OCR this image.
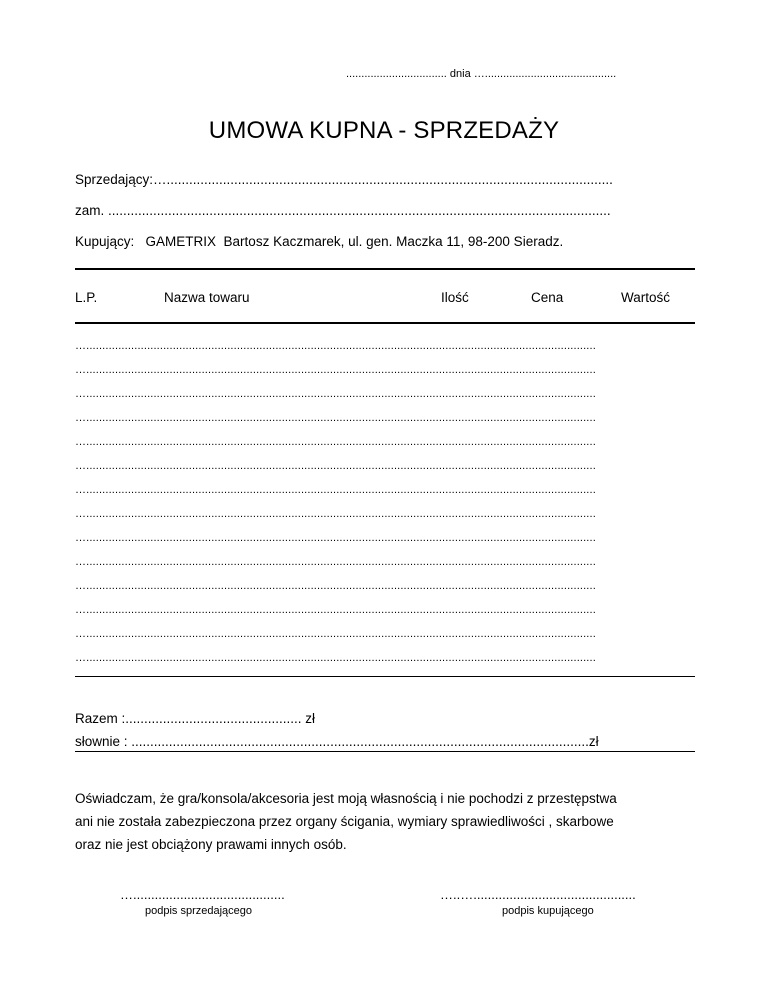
................................. dnia …...........................................
UMOWA KUPNA - SPRZEDAŻY
Sprzedający:….......................................................................................................................
zam. ......................................................................................................................................
Kupujący:   GAMETRIX  Bartosz Kaczmarek, ul. gen. Maczka 11, 98-200 Sieradz.
L.P.	Nazwa towaru	Ilość	Cena	Wartość
…...............................................................................................................................................................
…...............................................................................................................................................................
…...............................................................................................................................................................
…...............................................................................................................................................................
…...............................................................................................................................................................
…...............................................................................................................................................................
…...............................................................................................................................................................
…...............................................................................................................................................................
…...............................................................................................................................................................
…...............................................................................................................................................................
…...............................................................................................................................................................
…...............................................................................................................................................................
…...............................................................................................................................................................
…...............................................................................................................................................................
Razem :............................................... zł
słownie : ..........................................................................................................................zł
Oświadczam, że gra/konsola/akcesoria jest moją własnością i nie pochodzi z przestępstwa
ani nie została zabezpieczona przez organy ścigania, wymiary sprawiedliwości , skarbowe
oraz nie jest obciążony prawami innych osób.
…..........................................
podpis sprzedającego
…..….............................................
podpis kupującego
